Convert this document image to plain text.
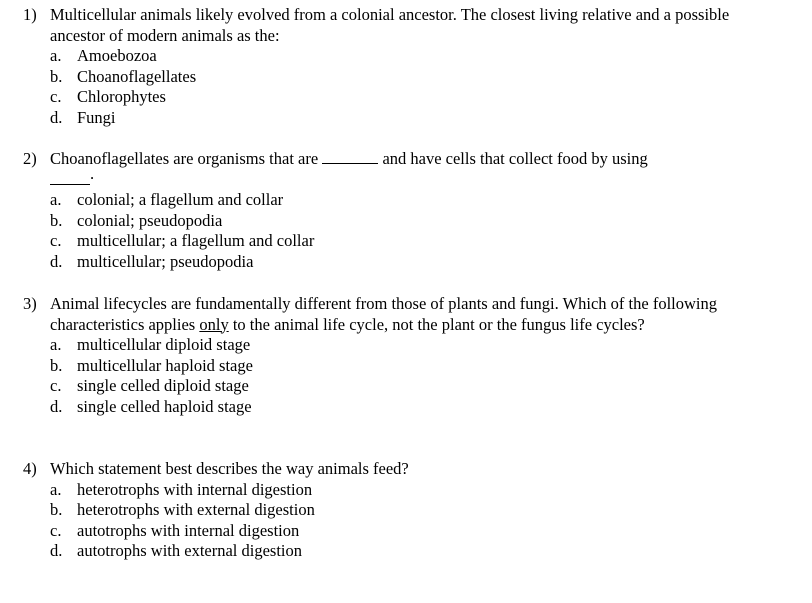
1) Multicellular animals likely evolved from a colonial ancestor. The closest living relative and a possible ancestor of modern animals as the:
a. Amoebozoa
b. Choanoflagellates
c. Chlorophytes
d. Fungi
2) Choanoflagellates are organisms that are	and have cells that collect food by using
.
a. colonial; a flagellum and collar
b. colonial; pseudopodia
c. multicellular; a flagellum and collar
d. multicellular; pseudopodia
3) Animal lifecycles are fundamentally different from those of plants and fungi. Which of the following characteristics applies only to the animal life cycle, not the plant or the fungus life cycles?
a. multicellular diploid stage
b. multicellular haploid stage
c. single celled diploid stage
d. single celled haploid stage
4) Which statement best describes the way animals feed?
a. heterotrophs with internal digestion
b. heterotrophs with external digestion
c. autotrophs with internal digestion
d. autotrophs with external digestion
